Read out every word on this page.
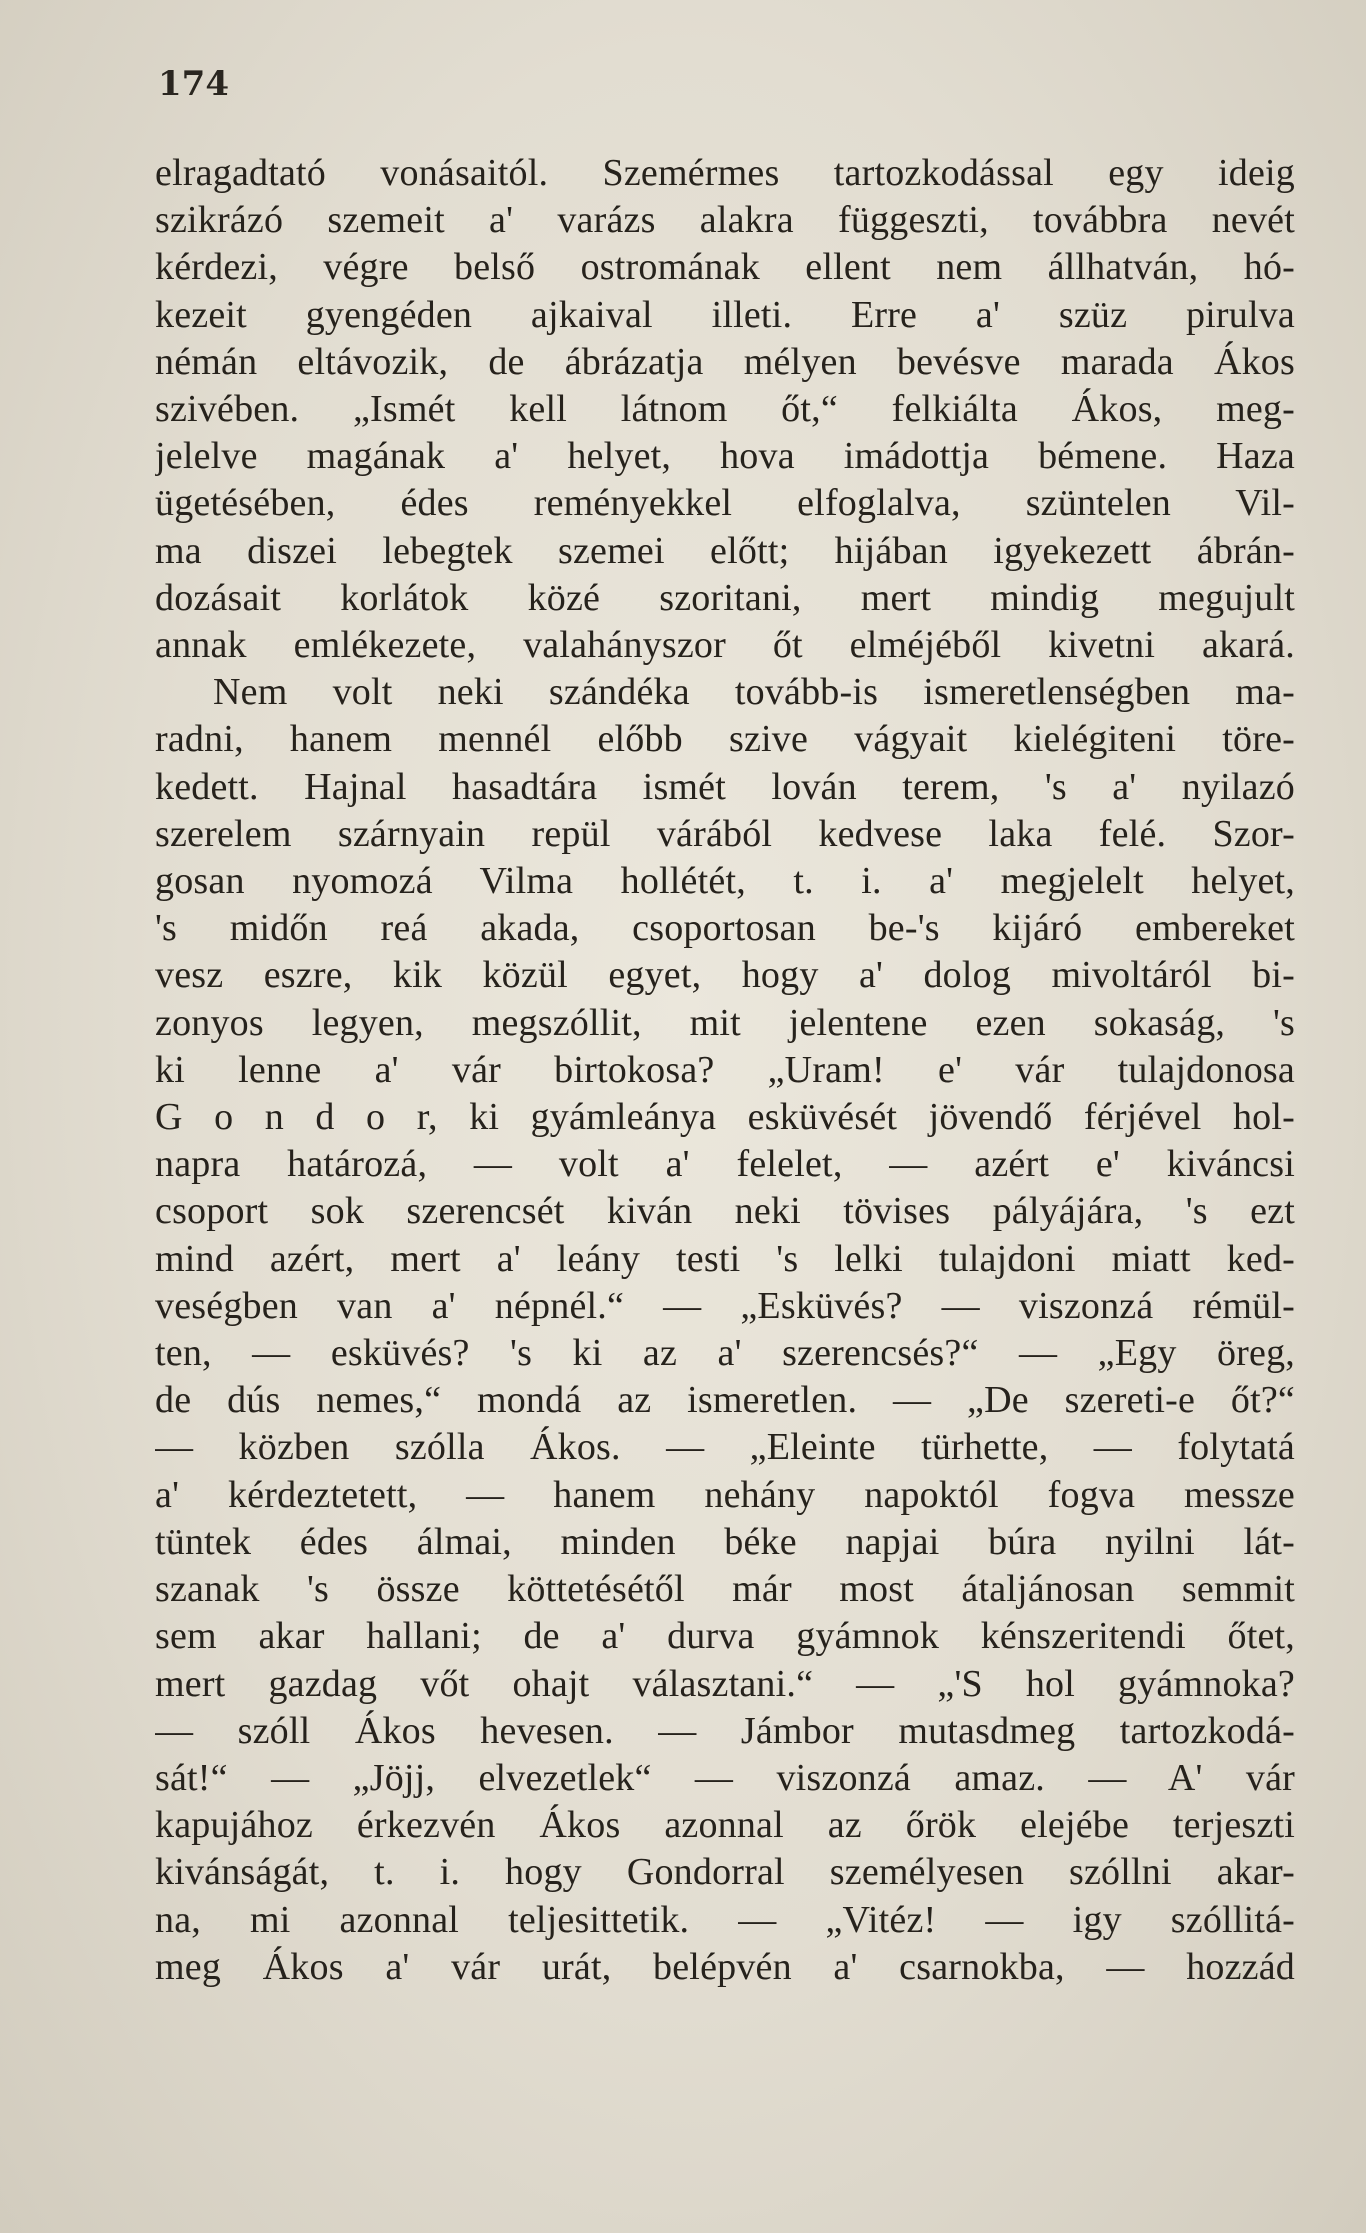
174

elragadtató vonásaitól. Szemérmes tartozkodással egy ideig
szikrázó szemeit a' varázs alakra függeszti, továbbra nevét
kérdezi, végre belső ostromának ellent nem állhatván, hó-
kezeit gyengéden ajkaival illeti. Erre a' szüz pirulva
némán eltávozik, de ábrázatja mélyen bevésve marada Ákos
szivében. „Ismét kell látnom őt,“ felkiálta Ákos, meg-
jelelve magának a' helyet, hova imádottja bémene. Haza
ügetésében, édes reményekkel elfoglalva, szüntelen Vil-
ma diszei lebegtek szemei előtt; hijában igyekezett ábrán-
dozásait korlátok közé szoritani, mert mindig megujult
annak emlékezete, valahányszor őt elméjéből kivetni akará.
Nem volt neki szándéka tovább-is ismeretlenségben ma-
radni, hanem mennél előbb szive vágyait kielégiteni töre-
kedett. Hajnal hasadtára ismét lován terem, 's a' nyilazó
szerelem szárnyain repül várából kedvese laka felé. Szor-
gosan nyomozá Vilma hollétét, t. i. a' megjelelt helyet,
's midőn reá akada, csoportosan be-'s kijáró embereket
vesz eszre, kik közül egyet, hogy a' dolog mivoltáról bi-
zonyos legyen, megszóllit, mit jelentene ezen sokaság, 's
ki lenne a' vár birtokosa? „Uram! e' vár tulajdonosa
G o n d o r, ki gyámleánya esküvését jövendő férjével hol-
napra határozá, — volt a' felelet, — azért e' kiváncsi
csoport sok szerencsét kiván neki tövises pályájára, 's ezt
mind azért, mert a' leány testi 's lelki tulajdoni miatt ked-
veségben van a' népnél.“ — „Esküvés? — viszonzá rémül-
ten, — esküvés? 's ki az a' szerencsés?“ — „Egy öreg,
de dús nemes,“ mondá az ismeretlen. — „De szereti-e őt?“
— közben szólla Ákos. — „Eleinte türhette, — folytatá
a' kérdeztetett, — hanem nehány napoktól fogva messze
tüntek édes álmai, minden béke napjai búra nyilni lát-
szanak 's össze köttetésétől már most átaljánosan semmit
sem akar hallani; de a' durva gyámnok kénszeritendi őtet,
mert gazdag vőt ohajt választani.“ — „'S hol gyámnoka?
— szóll Ákos hevesen. — Jámbor mutasdmeg tartozkodá-
sát!“ — „Jöjj, elvezetlek“ — viszonzá amaz. — A' vár
kapujához érkezvén Ákos azonnal az őrök elejébe terjeszti
kivánságát, t. i. hogy Gondorral személyesen szóllni akar-
na, mi azonnal teljesittetik. — „Vitéz! — igy szóllitá-
meg Ákos a' vár urát, belépvén a' csarnokba, — hozzád
